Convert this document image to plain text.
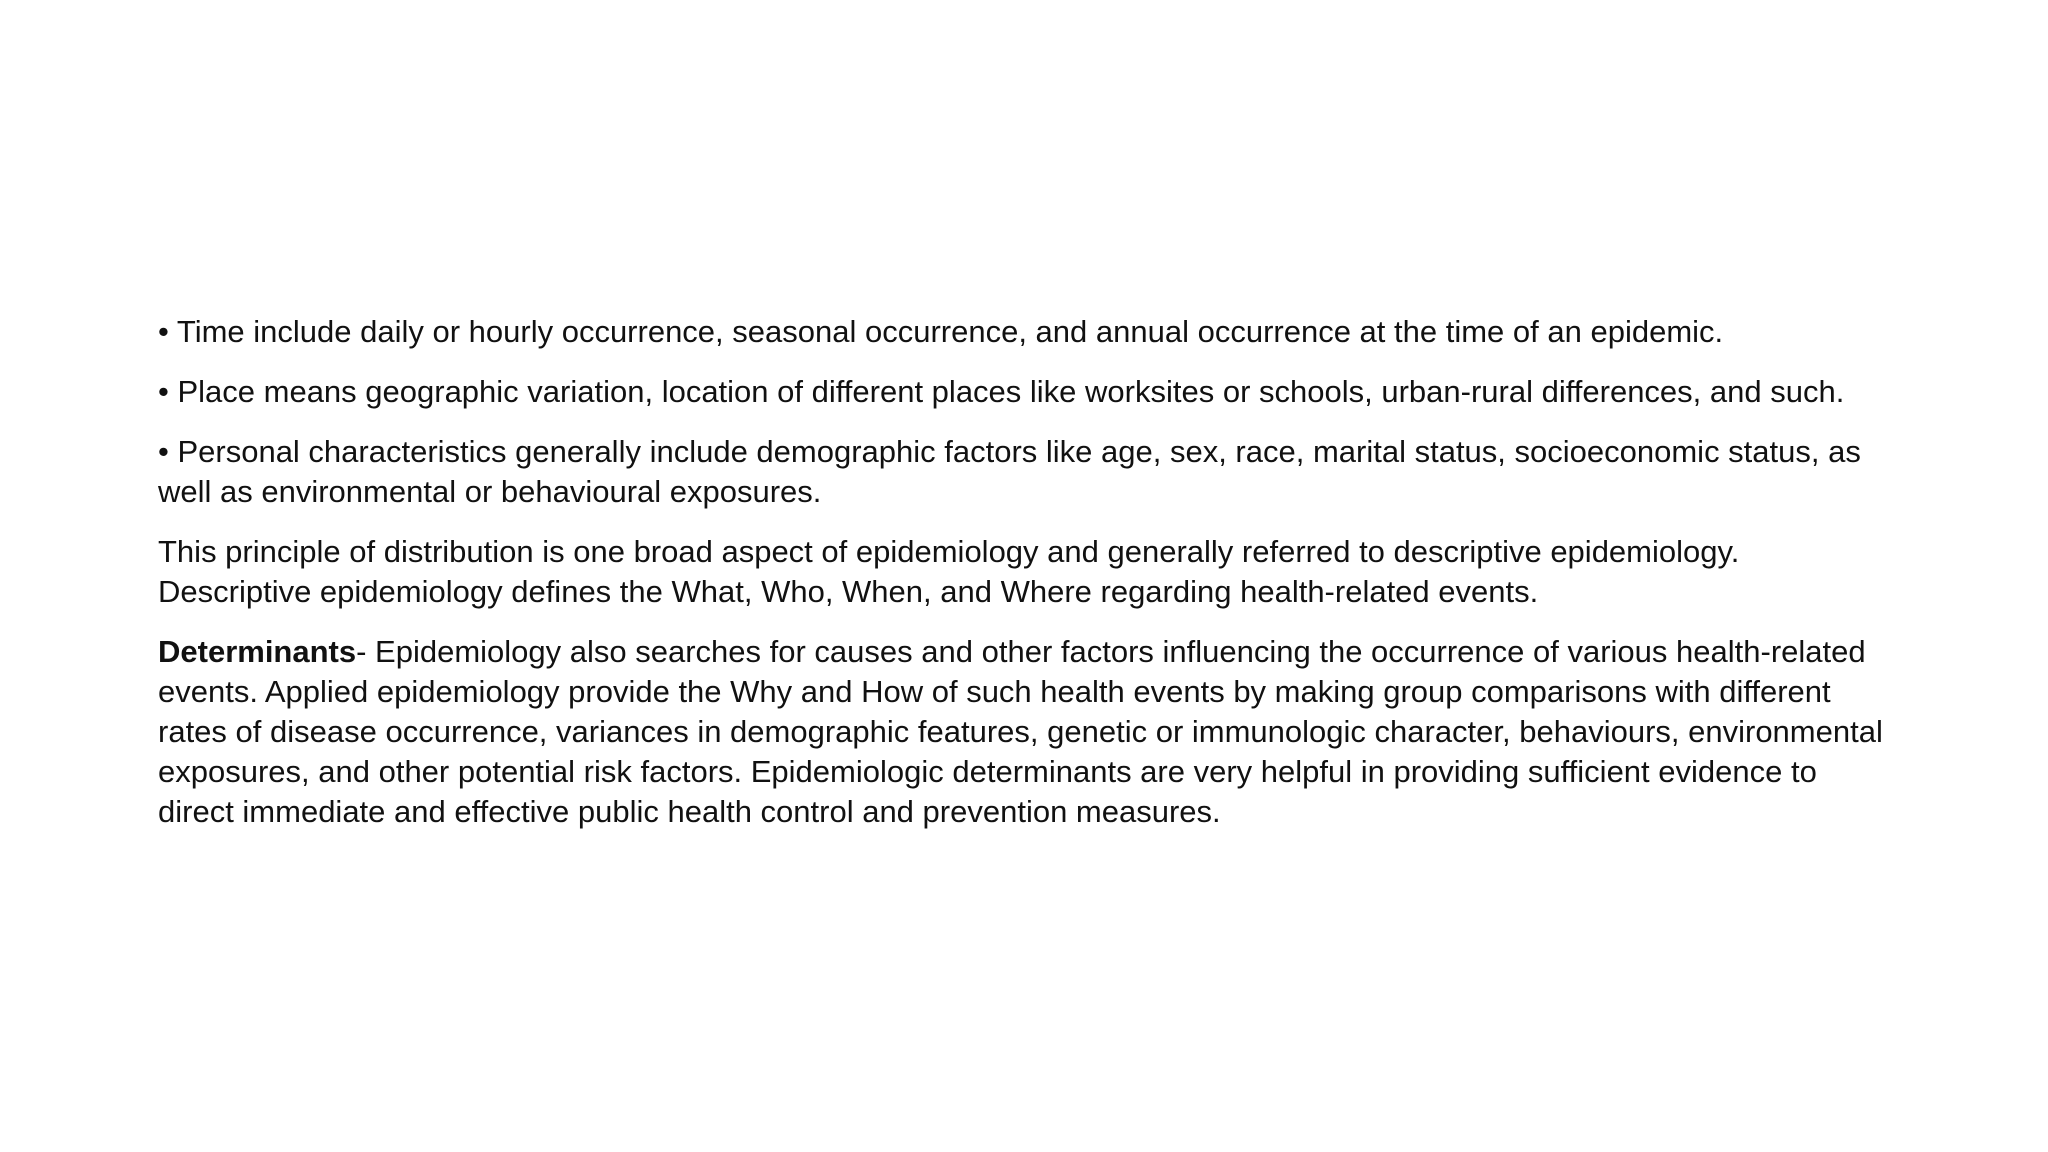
• Time include daily or hourly occurrence, seasonal occurrence, and annual occurrence at the time of an epidemic.

• Place means geographic variation, location of different places like worksites or schools, urban-rural differences, and such.

• Personal characteristics generally include demographic factors like age, sex, race, marital status, socioeconomic status, as well as environmental or behavioural exposures.

This principle of distribution is one broad aspect of epidemiology and generally referred to descriptive epidemiology. Descriptive epidemiology defines the What, Who, When, and Where regarding health-related events.

Determinants- Epidemiology also searches for causes and other factors influencing the occurrence of various health-related events. Applied epidemiology provide the Why and How of such health events by making group comparisons with different rates of disease occurrence, variances in demographic features, genetic or immunologic character, behaviours, environmental exposures, and other potential risk factors. Epidemiologic determinants are very helpful in providing sufficient evidence to direct immediate and effective public health control and prevention measures.
